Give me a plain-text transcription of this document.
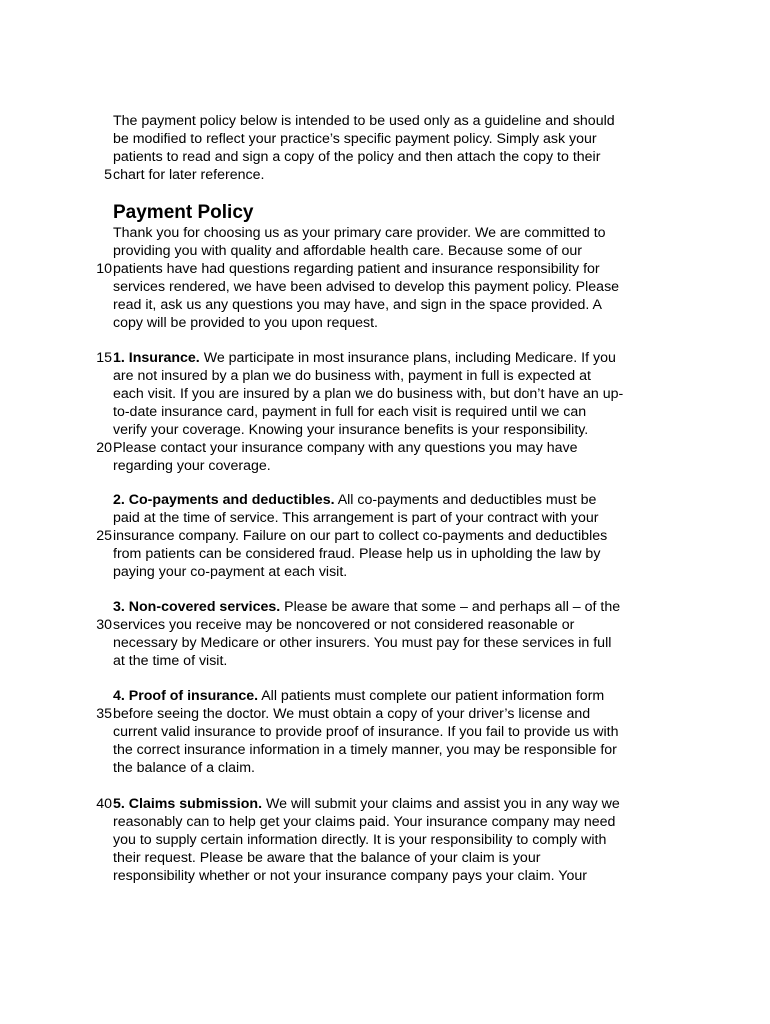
The payment policy below is intended to be used only as a guideline and should
be modified to reflect your practice’s specific payment policy. Simply ask your
patients to read and sign a copy of the policy and then attach the copy to their
5 chart for later reference.
Payment Policy
Thank you for choosing us as your primary care provider. We are committed to
providing you with quality and affordable health care. Because some of our
10 patients have had questions regarding patient and insurance responsibility for
services rendered, we have been advised to develop this payment policy. Please
read it, ask us any questions you may have, and sign in the space provided. A
copy will be provided to you upon request.
15 1. Insurance. We participate in most insurance plans, including Medicare. If you
are not insured by a plan we do business with, payment in full is expected at
each visit. If you are insured by a plan we do business with, but don’t have an up-
to-date insurance card, payment in full for each visit is required until we can
verify your coverage. Knowing your insurance benefits is your responsibility.
20 Please contact your insurance company with any questions you may have
regarding your coverage.
2. Co-payments and deductibles. All co-payments and deductibles must be
paid at the time of service. This arrangement is part of your contract with your
25 insurance company. Failure on our part to collect co-payments and deductibles
from patients can be considered fraud. Please help us in upholding the law by
paying your co-payment at each visit.
3. Non-covered services. Please be aware that some – and perhaps all – of the
30 services you receive may be noncovered or not considered reasonable or
necessary by Medicare or other insurers. You must pay for these services in full
at the time of visit.
4. Proof of insurance. All patients must complete our patient information form
35 before seeing the doctor. We must obtain a copy of your driver’s license and
current valid insurance to provide proof of insurance. If you fail to provide us with
the correct insurance information in a timely manner, you may be responsible for
the balance of a claim.
40 5. Claims submission. We will submit your claims and assist you in any way we
reasonably can to help get your claims paid. Your insurance company may need
you to supply certain information directly. It is your responsibility to comply with
their request. Please be aware that the balance of your claim is your
responsibility whether or not your insurance company pays your claim. Your
